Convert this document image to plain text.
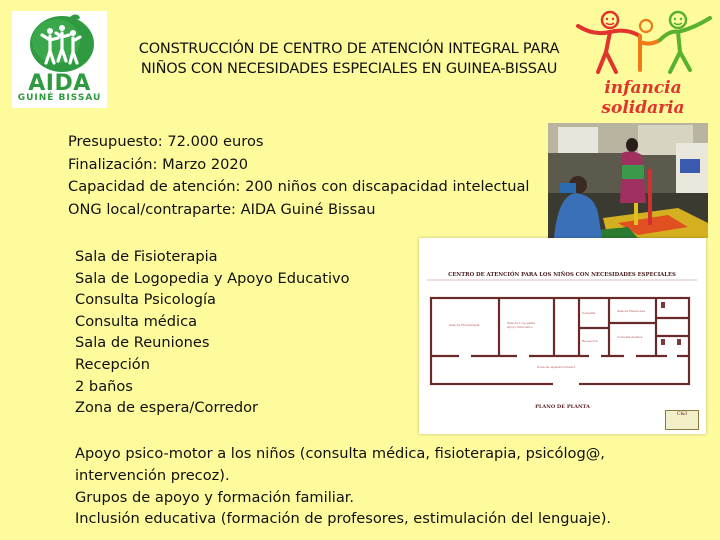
AIDA
GUINÉ BISSAU
CONSTRUCCIÓN DE CENTRO DE ATENCIÓN INTEGRAL PARA
NIÑOS CON NECESIDADES ESPECIALES EN GUINEA-BISSAU
infancia solidaria
Presupuesto: 72.000 euros
Finalización: Marzo 2020
Capacidad de atención: 200 niños con discapacidad intelectual
ONG local/contraparte: AIDA Guiné Bissau
Sala de Fisioterapia
Sala de Logopedia y Apoyo Educativo
Consulta Psicología
Consulta médica
Sala de Reuniones
Recepción
2 baños
Zona de espera/Corredor
CENTRO DE ATENCIÓN PARA LOS NIÑOS CON NECESIDADES ESPECIALES
Sala de Fisioterapia	Sala de Logopedia
Apoyo Educativo
Consulta	Sala de Reuniones
Recepción
Consulta médica
Zona de espera/Corredor
PLANO DE PLANTA
C&I
Apoyo psico-motor a los niños (consulta médica, fisioterapia, psicólog@, intervención precoz).
Grupos de apoyo y formación familiar.
Inclusión educativa (formación de profesores, estimulación del lenguaje).
